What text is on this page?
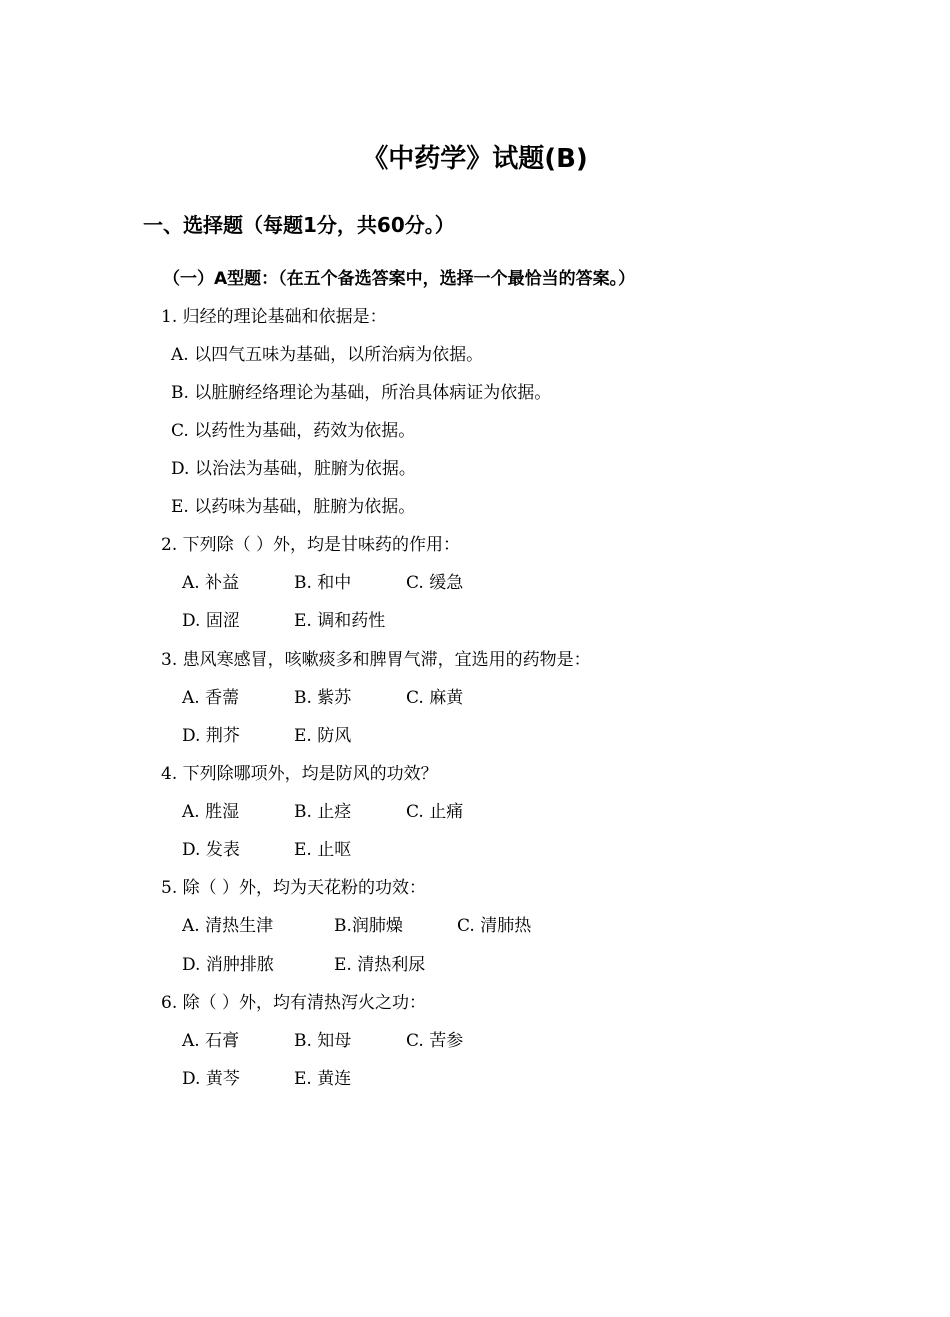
《中药学》试题(B)
一、选择题（每题1分，共60分。）
（一）A型题：（在五个备选答案中，选择一个最恰当的答案。）
1. 归经的理论基础和依据是：
A. 以四气五味为基础，以所治病为依据。
B. 以脏腑经络理论为基础，所治具体病证为依据。
C. 以药性为基础，药效为依据。
D. 以治法为基础，脏腑为依据。
E. 以药味为基础，脏腑为依据。
2. 下列除（ ）外，均是甘味药的作用：
A. 补益	B. 和中	C. 缓急
D. 固涩	E. 调和药性
3. 患风寒感冒，咳嗽痰多和脾胃气滞，宜选用的药物是：
A. 香薷	B. 紫苏	C. 麻黄
D. 荆芥	E. 防风
4. 下列除哪项外，均是防风的功效？
A. 胜湿	B. 止痉	C. 止痛
D. 发表	E. 止呕
5. 除（ ）外，均为天花粉的功效：
A. 清热生津	B.润肺燥	C. 清肺热
D. 消肿排脓	E. 清热利尿
6. 除（ ）外，均有清热泻火之功：
A. 石膏	B. 知母	C. 苦参
D. 黄芩	E. 黄连
